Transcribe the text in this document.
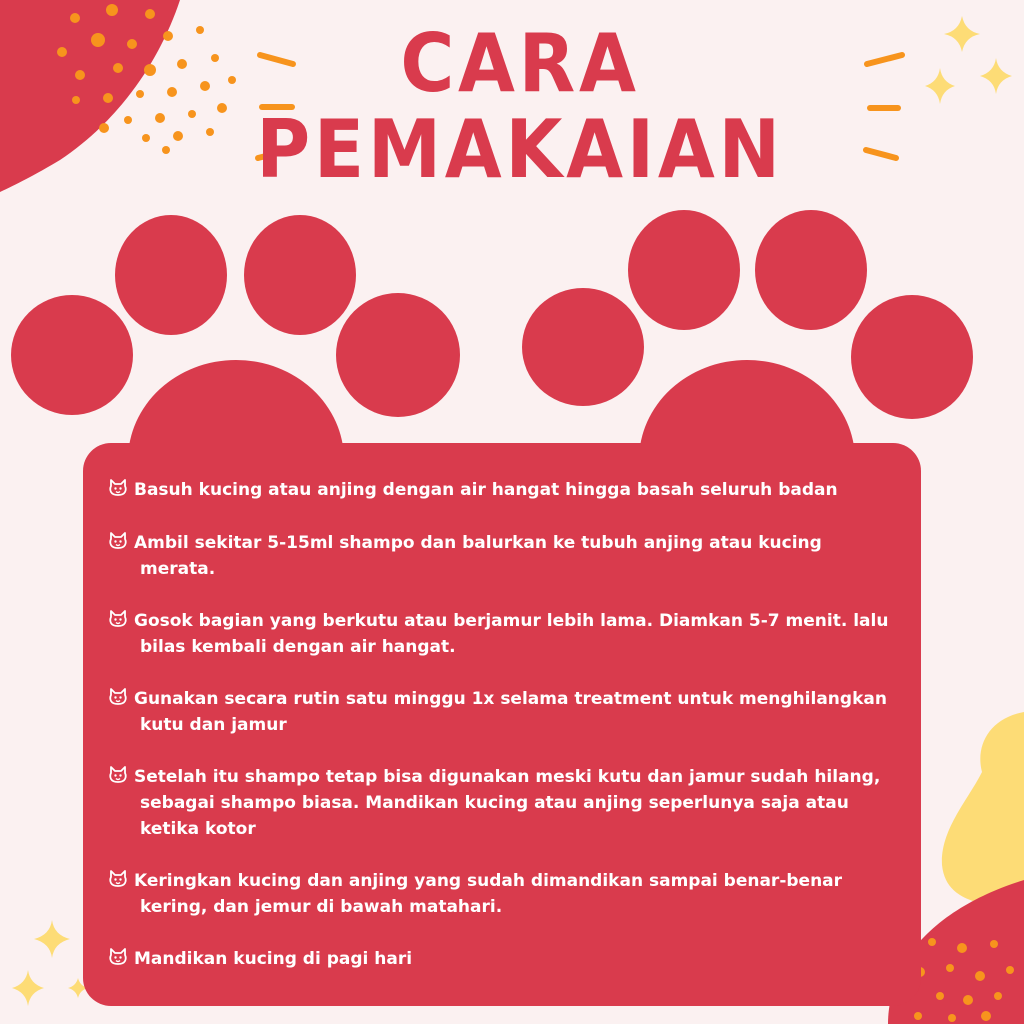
CARA
PEMAKAIAN
Basuh kucing atau anjing dengan air hangat hingga basah seluruh badan
Ambil sekitar 5-15ml shampo dan balurkan ke tubuh anjing atau kucing
merata.
Gosok bagian yang berkutu atau berjamur lebih lama. Diamkan 5-7 menit. lalu
bilas kembali dengan air hangat.
Gunakan secara rutin satu minggu 1x selama treatment untuk menghilangkan
kutu dan jamur
Setelah itu shampo tetap bisa digunakan meski kutu dan jamur sudah hilang,
sebagai shampo biasa. Mandikan kucing atau anjing seperlunya saja atau
ketika kotor
Keringkan kucing dan anjing yang sudah dimandikan sampai benar-benar
kering, dan jemur di bawah matahari.
Mandikan kucing di pagi hari
